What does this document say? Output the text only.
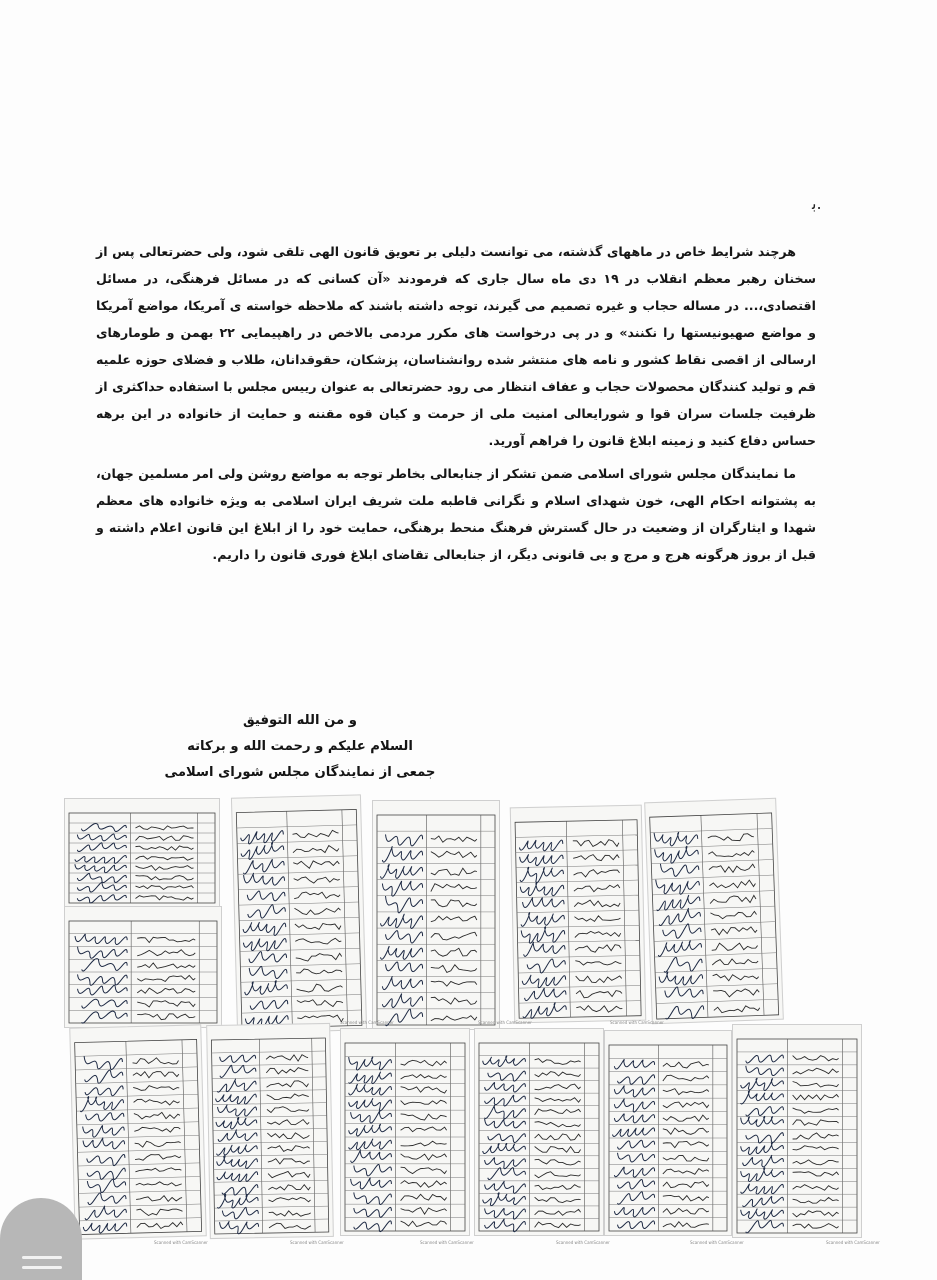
ﺑ.

هرچند شرایط خاص در ماههای گذشته، می توانست دلیلی بر تعویق قانون الهی تلقی شود، ولی حضرتعالی پس از سخنان رهبر معظم انقلاب در ۱۹ دی ماه سال جاری که فرمودند «آن کسانی که در مسائل فرهنگی، در مسائل اقتصادی،... در مساله حجاب و غیره تصمیم می گیرند، توجه داشته باشند که ملاحظه خواسته ی آمریکا، مواضع آمریکا و مواضع صهیونیستها را نکنند» و در پی درخواست های مکرر مردمی بالاخص در راهپیمایی ۲۲ بهمن و طومارهای ارسالی از اقصی نقاط کشور و نامه های منتشر شده روانشناسان، پزشکان، حقوقدانان، طلاب و فضلای حوزه علمیه قم و تولید کنندگان محصولات حجاب و عفاف انتظار می رود حضرتعالی به عنوان رییس مجلس با استفاده حداکثری از ظرفیت جلسات سران قوا و شورایعالی امنیت ملی از حرمت و کیان قوه مقننه و حمایت از خانواده در این برهه حساس دفاع کنید و زمینه ابلاغ قانون را فراهم آورید.

ما نمایندگان مجلس شورای اسلامی ضمن تشکر از جنابعالی بخاطر توجه به مواضع روشن ولی امر مسلمین جهان، به پشتوانه احکام الهی، خون شهدای اسلام و نگرانی قاطبه ملت شریف ایران اسلامی به ویژه خانواده های معظم شهدا و ایثارگران از وضعیت در حال گسترش فرهنگ منحط برهنگی، حمایت خود را از ابلاغ این قانون اعلام داشته و قبل از بروز هرگونه هرج و مرج و بی قانونی دیگر، از جنابعالی تقاضای ابلاغ فوری قانون را داریم.

و من الله التوفیق
السلام علیکم و رحمت الله و برکاته
جمعی از نمایندگان مجلس شورای اسلامی
Scanned with CamScanner	Scanned with CamScanner	Scanned with CamScanner
Scanned with CamScanner	Scanned with CamScanner	Scanned with CamScanner	Scanned with CamScanner	Scanned with CamScanner	Scanned with CamScanner
